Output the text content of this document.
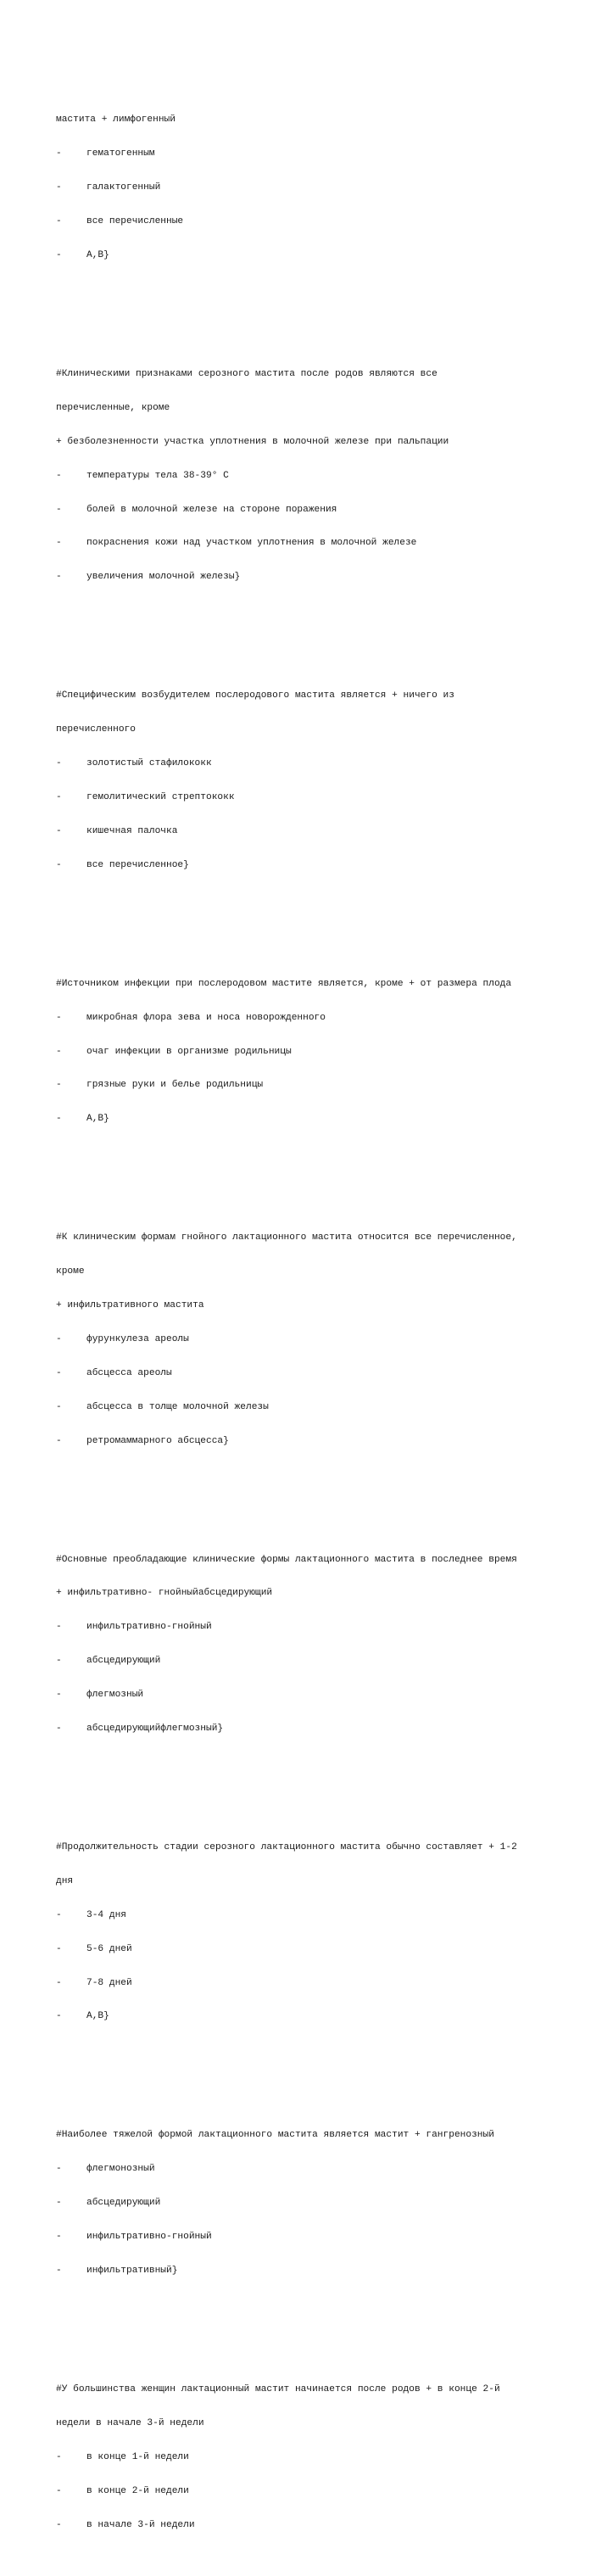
мастита + лимфогенный

-	гематогенным

-	галактогенный

-	все перечисленные

-	А,В}

#Клиническими признаками серозного мастита после родов являются все

перечисленные, кроме

+ безболезненности участка уплотнения в молочной железе при пальпации

-	температуры тела 38-39° С

-	болей в молочной железе на стороне поражения

-	покраснения кожи над участком уплотнения в молочной железе

-	увеличения молочной железы}

#Специфическим возбудителем послеродового мастита является + ничего из

перечисленного

-	золотистый стафилококк

-	гемолитический стрептококк

-	кишечная палочка

-	все перечисленное}

#Источником инфекции при послеродовом мастите является, кроме + от размера плода

-	микробная флора зева и носа новорожденного

-	очаг инфекции в организме родильницы

-	грязные руки и белье родильницы

-	А,В}

#К клиническим формам гнойного лактационного мастита относится все перечисленное,

кроме

+ инфильтративного мастита

-	фурункулеза ареолы

-	абсцесса ареолы

-	абсцесса в толще молочной железы

-	ретромаммарного абсцесса}

#Основные преобладающие клинические формы лактационного мастита в последнее время

+ инфильтративно- гнойныйабсцедирующий

-	инфильтративно-гнойный

-	абсцедирующий

-	флегмозный

-	абсцедирующийфлегмозный}

#Продолжительность стадии серозного лактационного мастита обычно составляет + 1-2

дня

-	3-4 дня

-	5-6 дней

-	7-8 дней

-	А,В}

#Наиболее тяжелой формой лактационного мастита является мастит + гангренозный

-	флегмонозный

-	абсцедирующий

-	инфильтративно-гнойный

-	инфильтративный}

#У большинства женщин лактационный мастит начинается после родов + в конце 2-й

недели в начале 3-й недели

-	в конце 1-й недели

-	в конце 2-й недели

-	в начале 3-й недели
